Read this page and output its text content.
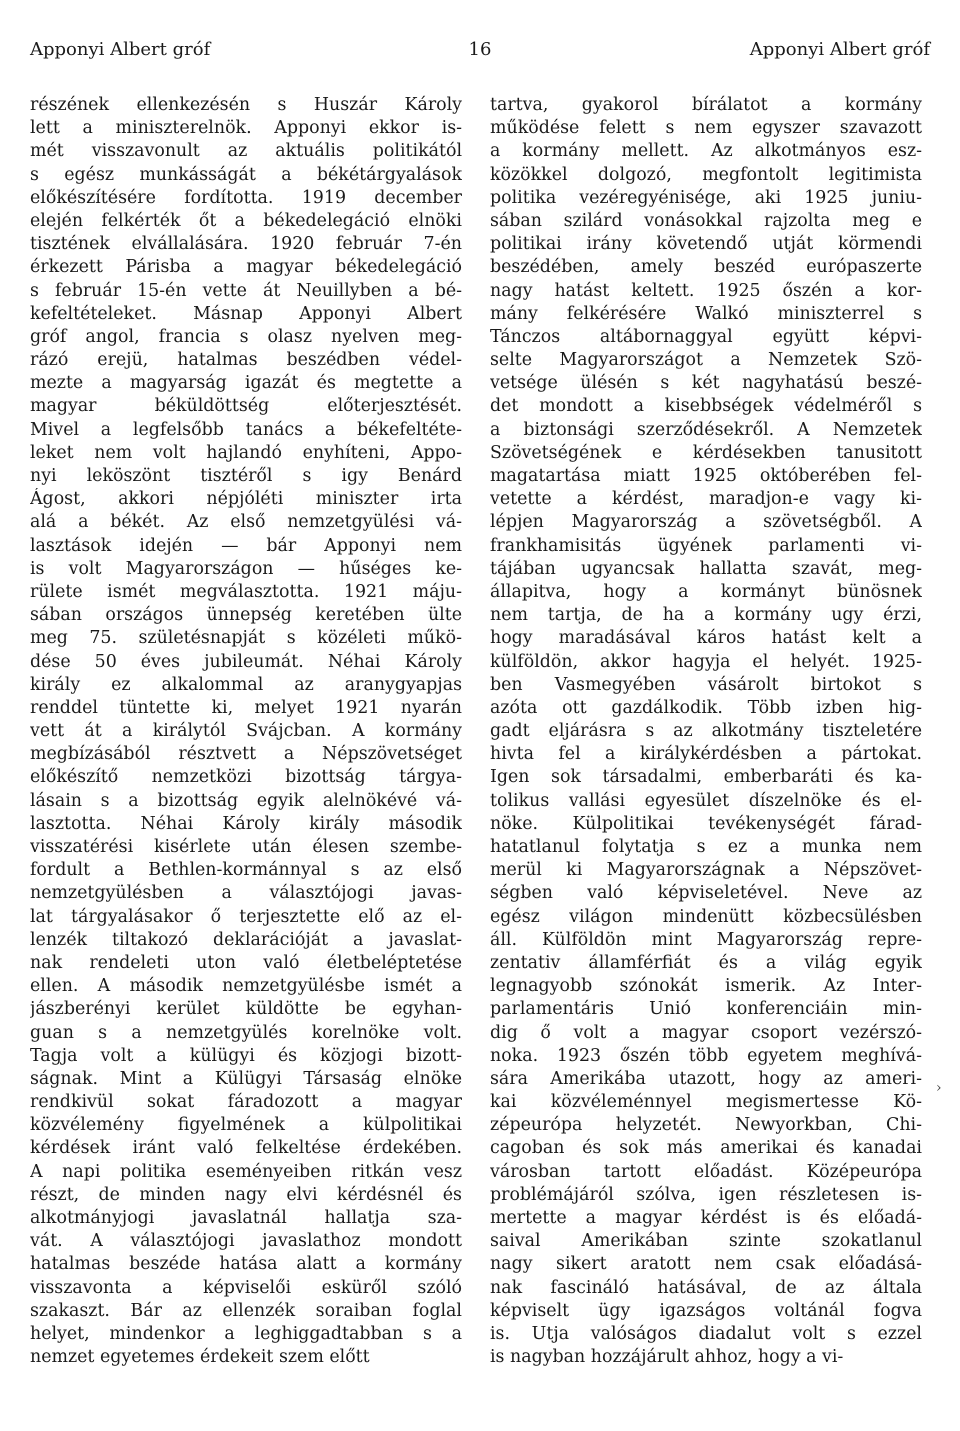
Apponyi Albert gróf	16	Apponyi Albert gróf
részének ellenkezésén s Huszár Károly
lett a miniszterelnök. Apponyi ekkor is-
mét visszavonult az aktuális politikától
s egész munkásságát a békétárgyalások
előkészítésére fordította. 1919 december
elején felkérték őt a békedelegáció elnöki
tisztének elvállalására. 1920 február 7-én
érkezett Párisba a magyar békedelegáció
s február 15-én vette át Neuillyben a bé-
kefeltételeket. Másnap Apponyi Albert
gróf angol, francia s olasz nyelven meg-
rázó erejü, hatalmas beszédben védel-
mezte a magyarság igazát és megtette a
magyar béküldöttség előterjesztését.
Mivel a legfelsőbb tanács a békefeltéte-
leket nem volt hajlandó enyhíteni, Appo-
nyi leköszönt tisztéről s igy Benárd
Ágost, akkori népjóléti miniszter irta
alá a békét. Az első nemzetgyülési vá-
lasztások idején — bár Apponyi nem
is volt Magyarországon — hűséges ke-
rülete ismét megválasztotta. 1921 máju-
sában országos ünnepség keretében ülte
meg 75. születésnapját s közéleti műkö-
dése 50 éves jubileumát. Néhai Károly
király ez alkalommal az aranygyapjas
renddel tüntette ki, melyet 1921 nyarán
vett át a királytól Svájcban. A kormány
megbízásából résztvett a Népszövetséget
előkészítő nemzetközi bizottság tárgya-
lásain s a bizottság egyik alelnökévé vá-
lasztotta. Néhai Károly király második
visszatérési kisérlete után élesen szembe-
fordult a Bethlen-kormánnyal s az első
nemzetgyülésben a választójogi javas-
lat tárgyalásakor ő terjesztette elő az el-
lenzék tiltakozó deklarációját a javaslat-
nak rendeleti uton való életbeléptetése
ellen. A második nemzetgyülésbe ismét a
jászberényi kerület küldötte be egyhan-
guan s a nemzetgyülés korelnöke volt.
Tagja volt a külügyi és közjogi bizott-
ságnak. Mint a Külügyi Társaság elnöke
rendkivül sokat fáradozott a magyar
közvélemény figyelmének a külpolitikai
kérdések iránt való felkeltése érdekében.
A napi politika eseményeiben ritkán vesz
részt, de minden nagy elvi kérdésnél és
alkotmányjogi javaslatnál hallatja sza-
vát. A választójogi javaslathoz mondott
hatalmas beszéde hatása alatt a kormány
visszavonta a képviselői esküről szóló
szakaszt. Bár az ellenzék soraiban foglal
helyet, mindenkor a leghiggadtabban s a
nemzet egyetemes érdekeit szem előtt
tartva, gyakorol bírálatot a kormány
működése felett s nem egyszer szavazott
a kormány mellett. Az alkotmányos esz-
közökkel dolgozó, megfontolt legitimista
politika vezéregyénisége, aki 1925 juniu-
sában szilárd vonásokkal rajzolta meg e
politikai irány követendő utját körmendi
beszédében, amely beszéd európaszerte
nagy hatást keltett. 1925 őszén a kor-
mány felkérésére Walkó miniszterrel s
Tánczos altábornaggyal együtt képvi-
selte Magyarországot a Nemzetek Szö-
vetsége ülésén s két nagyhatású beszé-
det mondott a kisebbségek védelméről s
a biztonsági szerződésekről. A Nemzetek
Szövetségének e kérdésekben tanusitott
magatartása miatt 1925 októberében fel-
vetette a kérdést, maradjon-e vagy ki-
lépjen Magyarország a szövetségből. A
frankhamisitás ügyének parlamenti vi-
tájában ugyancsak hallatta szavát, meg-
állapitva, hogy a kormányt bünösnek
nem tartja, de ha a kormány ugy érzi,
hogy maradásával káros hatást kelt a
külföldön, akkor hagyja el helyét. 1925-
ben Vasmegyében vásárolt birtokot s
azóta ott gazdálkodik. Több izben hig-
gadt eljárásra s az alkotmány tiszteletére
hivta fel a királykérdésben a pártokat.
Igen sok társadalmi, emberbaráti és ka-
tolikus vallási egyesület díszelnöke és el-
nöke. Külpolitikai tevékenységét fárad-
hatatlanul folytatja s ez a munka nem
merül ki Magyarországnak a Népszövet-
ségben való képviseletével. Neve az
egész világon mindenütt közbecsülésben
áll. Külföldön mint Magyarország repre-
zentativ államférfiát és a világ egyik
legnagyobb szónokát ismerik. Az Inter-
parlamentáris Unió konferenciáin min-
dig ő volt a magyar csoport vezérszó-
noka. 1923 őszén több egyetem meghívá-
sára Amerikába utazott, hogy az ameri-
kai közvéleménnyel megismertesse Kö-
zépeurópa helyzetét. Newyorkban, Chi-
cagoban és sok más amerikai és kanadai
városban tartott előadást. Középeurópa
problémájáról szólva, igen részletesen is-
mertette a magyar kérdést is és előadá-
saival Amerikában szinte szokatlanul
nagy sikert aratott nem csak előadásá-
nak fascináló hatásával, de az általa
képviselt ügy igazságos voltánál fogva
is. Utja valóságos diadalut volt s ezzel
is nagyban hozzájárult ahhoz, hogy a vi-
›
